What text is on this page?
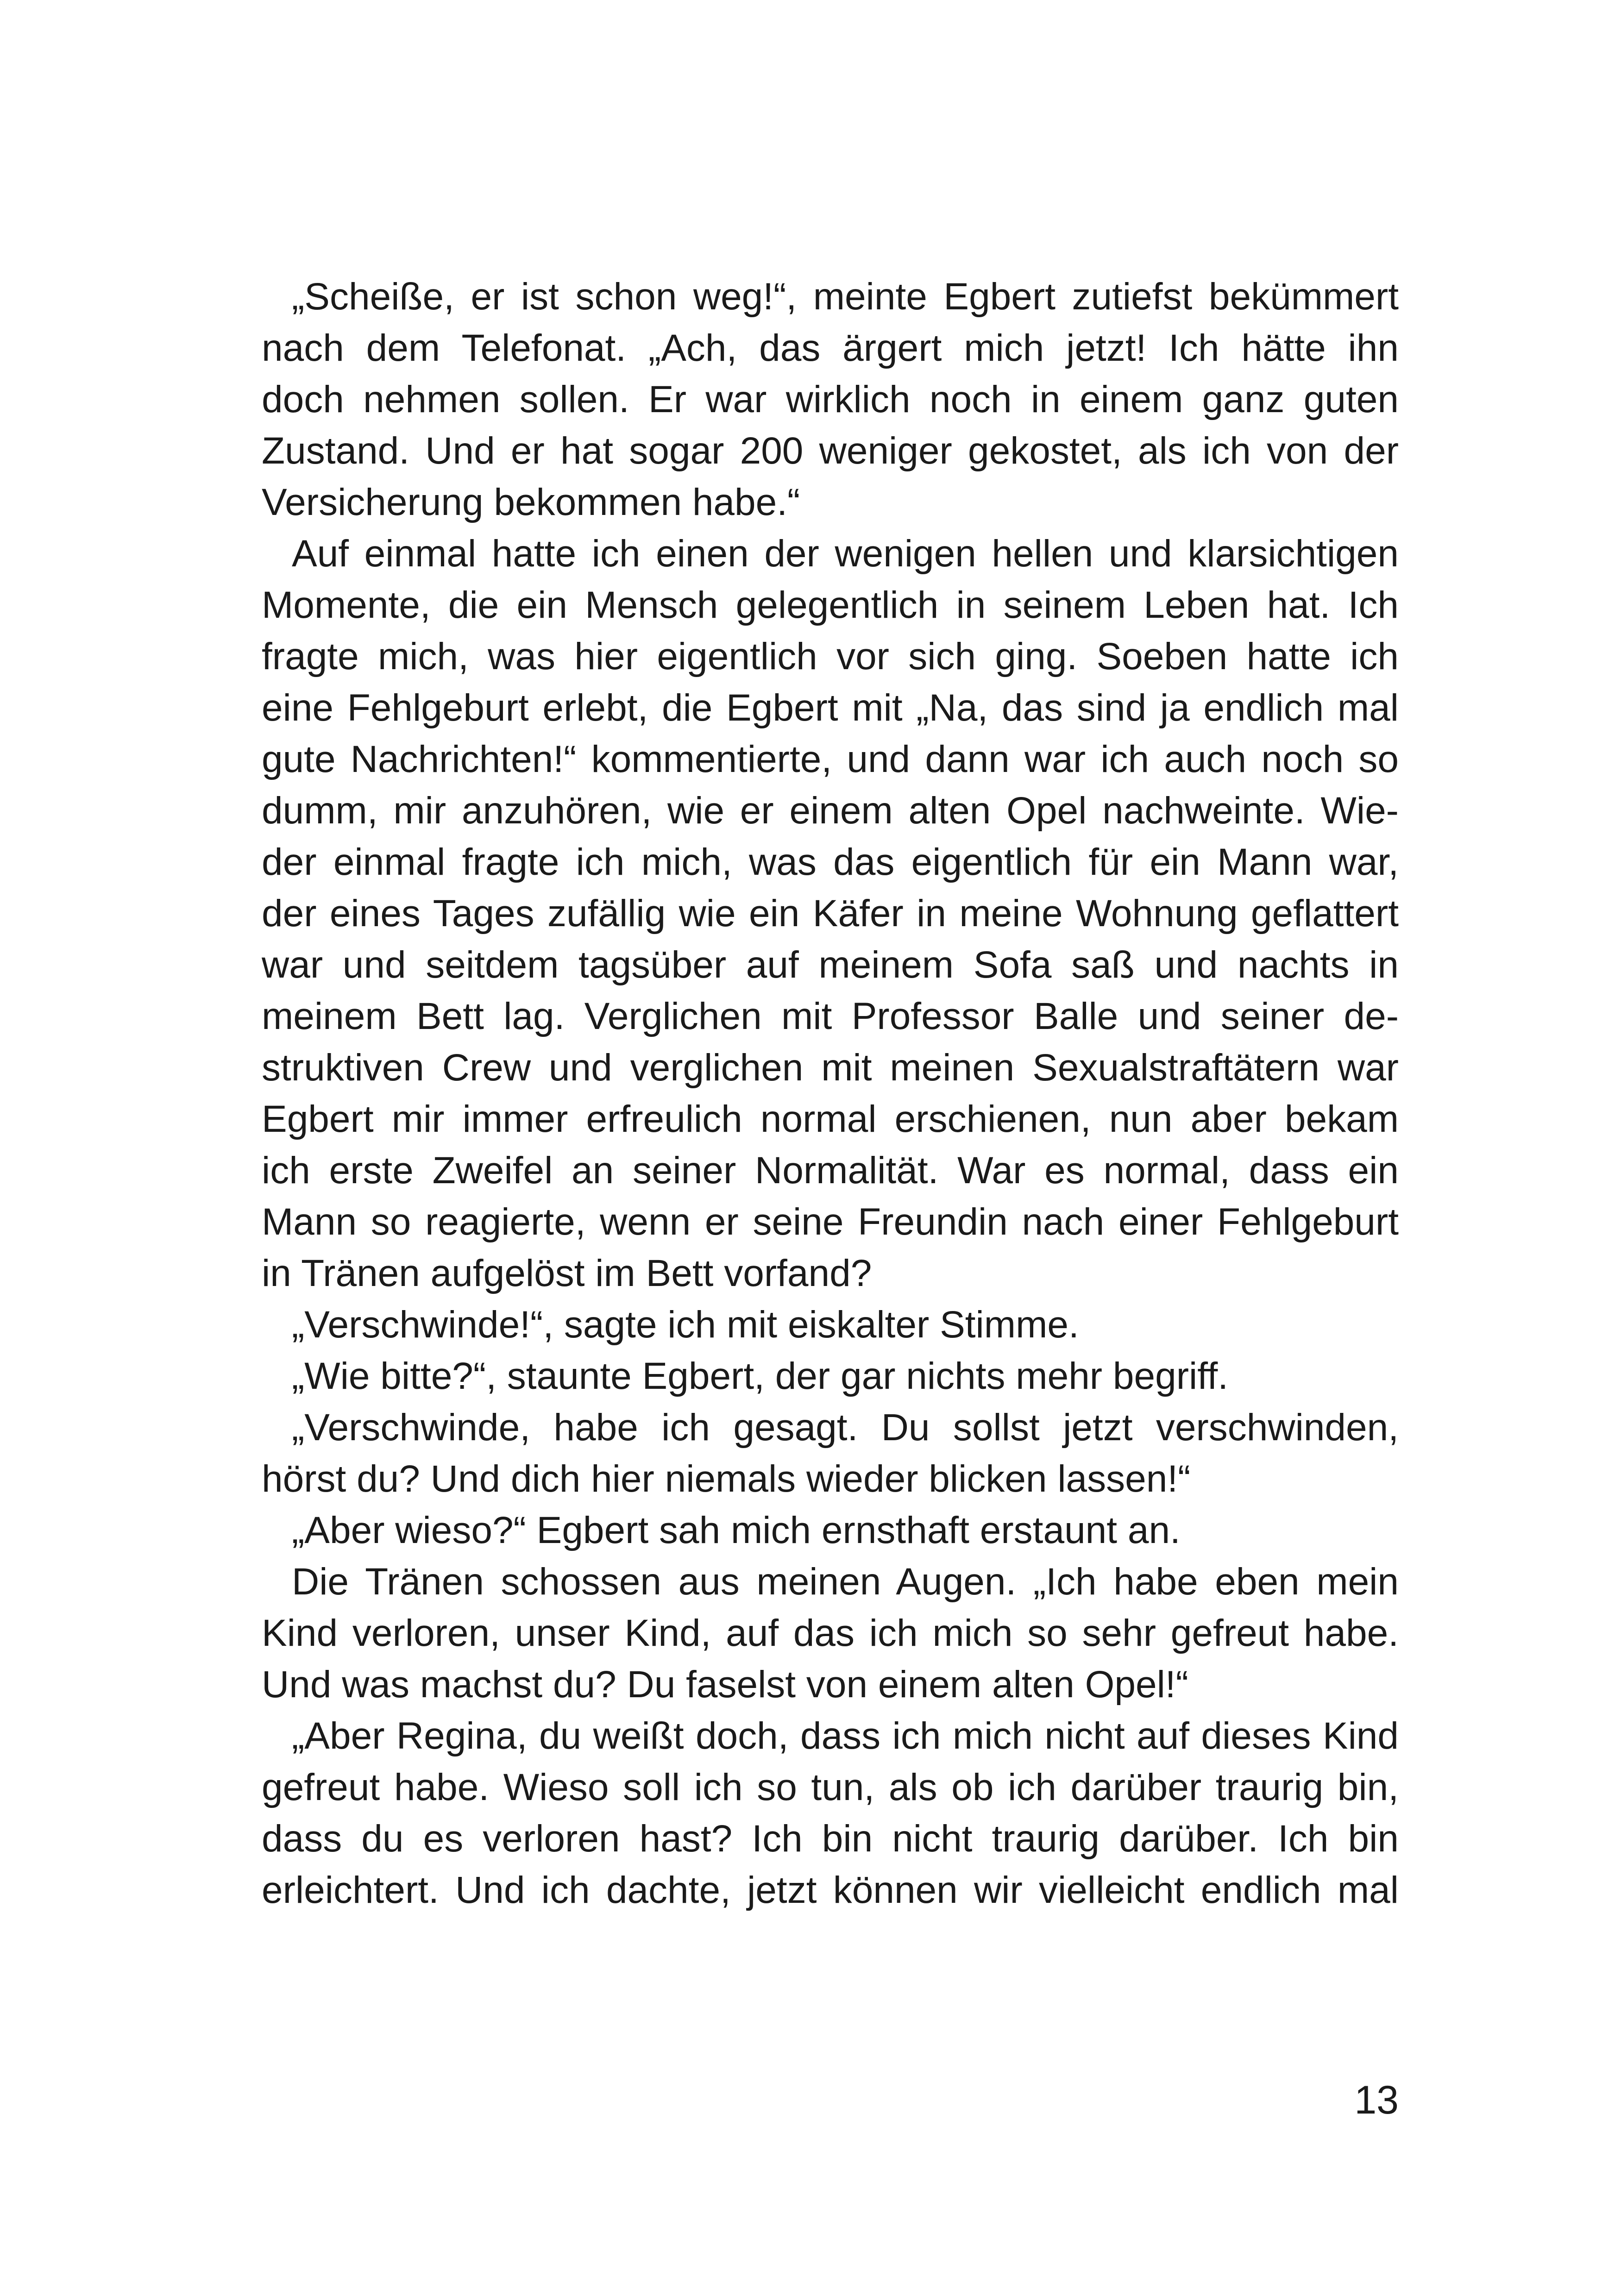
„Scheiße, er ist schon weg!“, meinte Egbert zutiefst bekümmert
nach dem Telefonat. „Ach, das ärgert mich jetzt! Ich hätte ihn
doch nehmen sollen. Er war wirklich noch in einem ganz guten
Zustand. Und er hat sogar 200 weniger gekostet, als ich von der
Versicherung bekommen habe.“
Auf einmal hatte ich einen der wenigen hellen und klarsichtigen
Momente, die ein Mensch gelegentlich in seinem Leben hat. Ich
fragte mich, was hier eigentlich vor sich ging. Soeben hatte ich
eine Fehlgeburt erlebt, die Egbert mit „Na, das sind ja endlich mal
gute Nachrichten!“ kommentierte, und dann war ich auch noch so
dumm, mir anzuhören, wie er einem alten Opel nachweinte. Wie-
der einmal fragte ich mich, was das eigentlich für ein Mann war,
der eines Tages zufällig wie ein Käfer in meine Wohnung geflattert
war und seitdem tagsüber auf meinem Sofa saß und nachts in
meinem Bett lag. Verglichen mit Professor Balle und seiner de-
struktiven Crew und verglichen mit meinen Sexualstraftätern war
Egbert mir immer erfreulich normal erschienen, nun aber bekam
ich erste Zweifel an seiner Normalität. War es normal, dass ein
Mann so reagierte, wenn er seine Freundin nach einer Fehlgeburt
in Tränen aufgelöst im Bett vorfand?
„Verschwinde!“, sagte ich mit eiskalter Stimme.
„Wie bitte?“, staunte Egbert, der gar nichts mehr begriff.
„Verschwinde, habe ich gesagt. Du sollst jetzt verschwinden,
hörst du? Und dich hier niemals wieder blicken lassen!“
„Aber wieso?“ Egbert sah mich ernsthaft erstaunt an.
Die Tränen schossen aus meinen Augen. „Ich habe eben mein
Kind verloren, unser Kind, auf das ich mich so sehr gefreut habe.
Und was machst du? Du faselst von einem alten Opel!“
„Aber Regina, du weißt doch, dass ich mich nicht auf dieses Kind
gefreut habe. Wieso soll ich so tun, als ob ich darüber traurig bin,
dass du es verloren hast? Ich bin nicht traurig darüber. Ich bin
erleichtert. Und ich dachte, jetzt können wir vielleicht endlich mal
13
